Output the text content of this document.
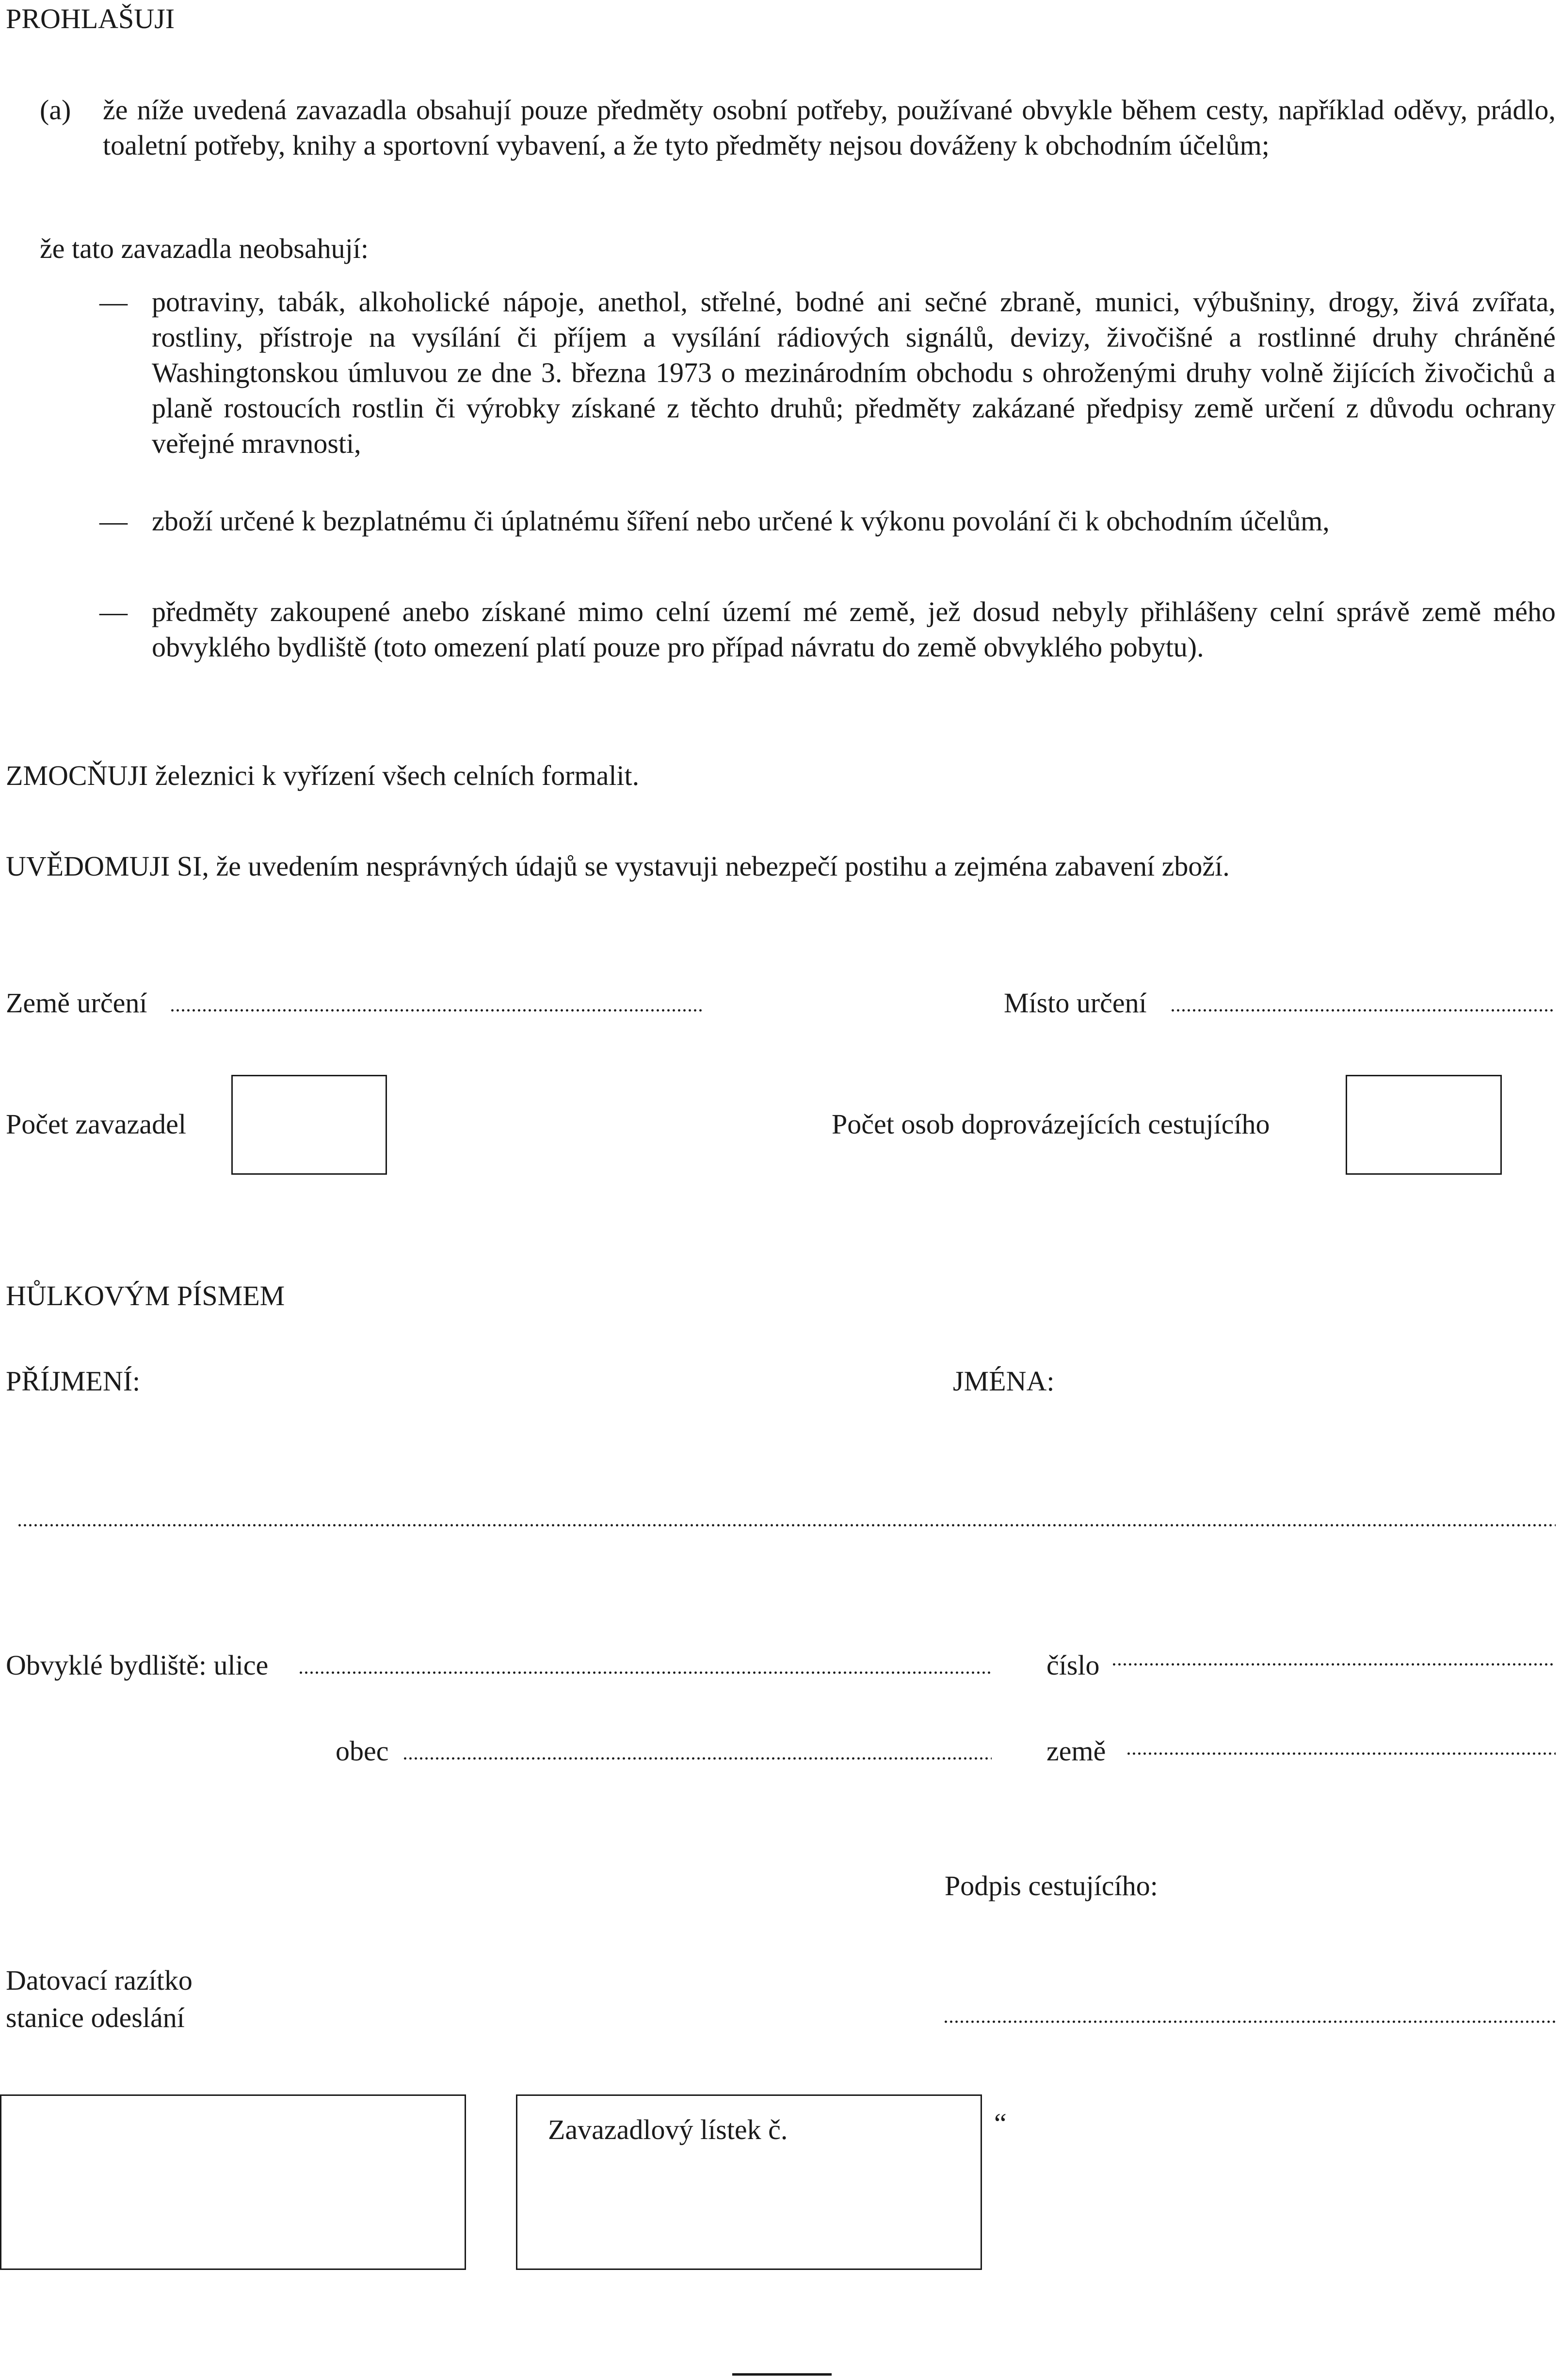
PROHLAŠUJI
(a) že níže uvedená zavazadla obsahují pouze předměty osobní potřeby, používané obvykle během cesty, například oděvy, prádlo, toaletní potřeby, knihy a sportovní vybavení, a že tyto předměty nejsou dováženy k obchodním účelům;
že tato zavazadla neobsahují:
— potraviny, tabák, alkoholické nápoje, anethol, střelné, bodné ani sečné zbraně, munici, výbušniny, drogy, živá zvířata, rostliny, přístroje na vysílání či příjem a vysílání rádiových signálů, devizy, živočišné a rostlinné druhy chráněné Washingtonskou úmluvou ze dne 3. března 1973 o mezinárodním obchodu s ohroženými druhy volně žijících živočichů a planě rostoucích rostlin či výrobky získané z těchto druhů; předměty zakázané předpisy země určení z důvodu ochrany veřejné mravnosti,
— zboží určené k bezplatnému či úplatnému šíření nebo určené k výkonu povolání či k obchodním účelům,
— předměty zakoupené anebo získané mimo celní území mé země, jež dosud nebyly přihlášeny celní správě země mého obvyklého bydliště (toto omezení platí pouze pro případ návratu do země obvyklého pobytu).
ZMOCŇUJI železnici k vyřízení všech celních formalit.
UVĚDOMUJI SI, že uvedením nesprávných údajů se vystavuji nebezpečí postihu a zejména zabavení zboží.
Země určení	Místo určení
Počet zavazadel	Počet osob doprovázejících cestujícího
HŮLKOVÝM PÍSMEM
PŘÍJMENÍ:	JMÉNA:
Obvyklé bydliště: ulice	číslo
obec	země
Podpis cestujícího:
Datovací razítko
stanice odeslání
Zavazadlový lístek č.	“
